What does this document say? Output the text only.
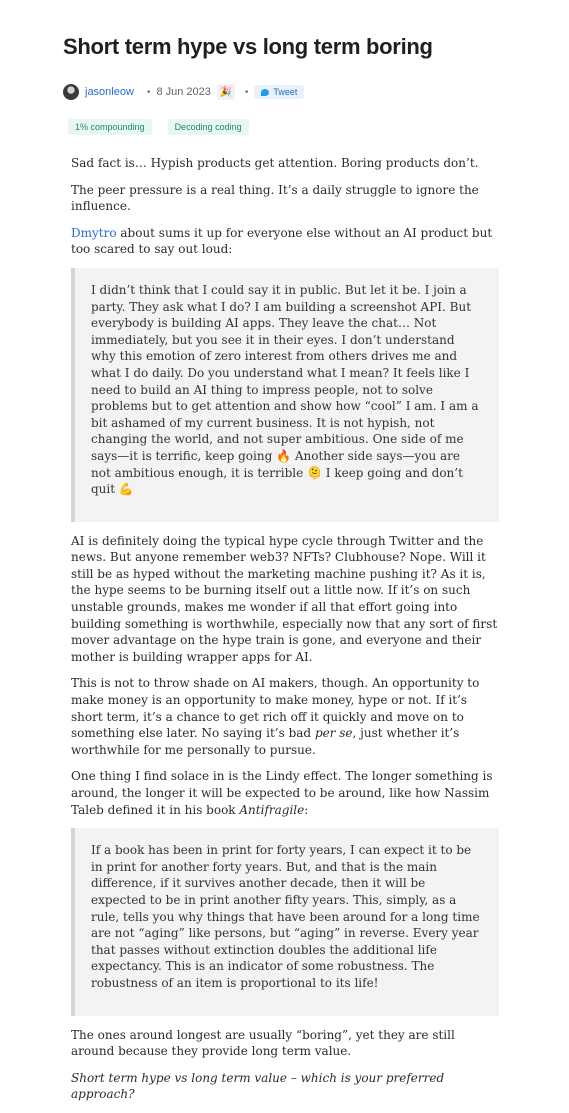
Short term hype vs long term boring
jasonleow • 8 Jun 2023 🎉 •	Tweet
1% compounding	Decoding coding

Sad fact is… Hypish products get attention. Boring products don’t.

The peer pressure is a real thing. It’s a daily struggle to ignore the influence.

Dmytro about sums it up for everyone else without an AI product but too scared to say out loud:

I didn’t think that I could say it in public. But let it be. I join a party. They ask what I do? I am building a screenshot API. But everybody is building AI apps. They leave the chat… Not immediately, but you see it in their eyes. I don’t understand why this emotion of zero interest from others drives me and what I do daily. Do you understand what I mean? It feels like I need to build an AI thing to impress people, not to solve problems but to get attention and show how “cool” I am. I am a bit ashamed of my current business. It is not hypish, not changing the world, and not super ambitious. One side of me says—it is terrific, keep going 🔥 Another side says—you are not ambitious enough, it is terrible 🫠 I keep going and don’t quit 💪

AI is definitely doing the typical hype cycle through Twitter and the news. But anyone remember web3? NFTs? Clubhouse? Nope. Will it still be as hyped without the marketing machine pushing it? As it is, the hype seems to be burning itself out a little now. If it’s on such unstable grounds, makes me wonder if all that effort going into building something is worthwhile, especially now that any sort of first mover advantage on the hype train is gone, and everyone and their mother is building wrapper apps for AI.

This is not to throw shade on AI makers, though. An opportunity to make money is an opportunity to make money, hype or not. If it’s short term, it’s a chance to get rich off it quickly and move on to something else later. No saying it’s bad per se, just whether it’s worthwhile for me personally to pursue.

One thing I find solace in is the Lindy effect. The longer something is around, the longer it will be expected to be around, like how Nassim Taleb defined it in his book Antifragile:

If a book has been in print for forty years, I can expect it to be in print for another forty years. But, and that is the main difference, if it survives another decade, then it will be expected to be in print another fifty years. This, simply, as a rule, tells you why things that have been around for a long time are not “aging” like persons, but “aging” in reverse. Every year that passes without extinction doubles the additional life expectancy. This is an indicator of some robustness. The robustness of an item is proportional to its life!

The ones around longest are usually “boring”, yet they are still around because they provide long term value.

Short term hype vs long term value – which is your preferred approach?
